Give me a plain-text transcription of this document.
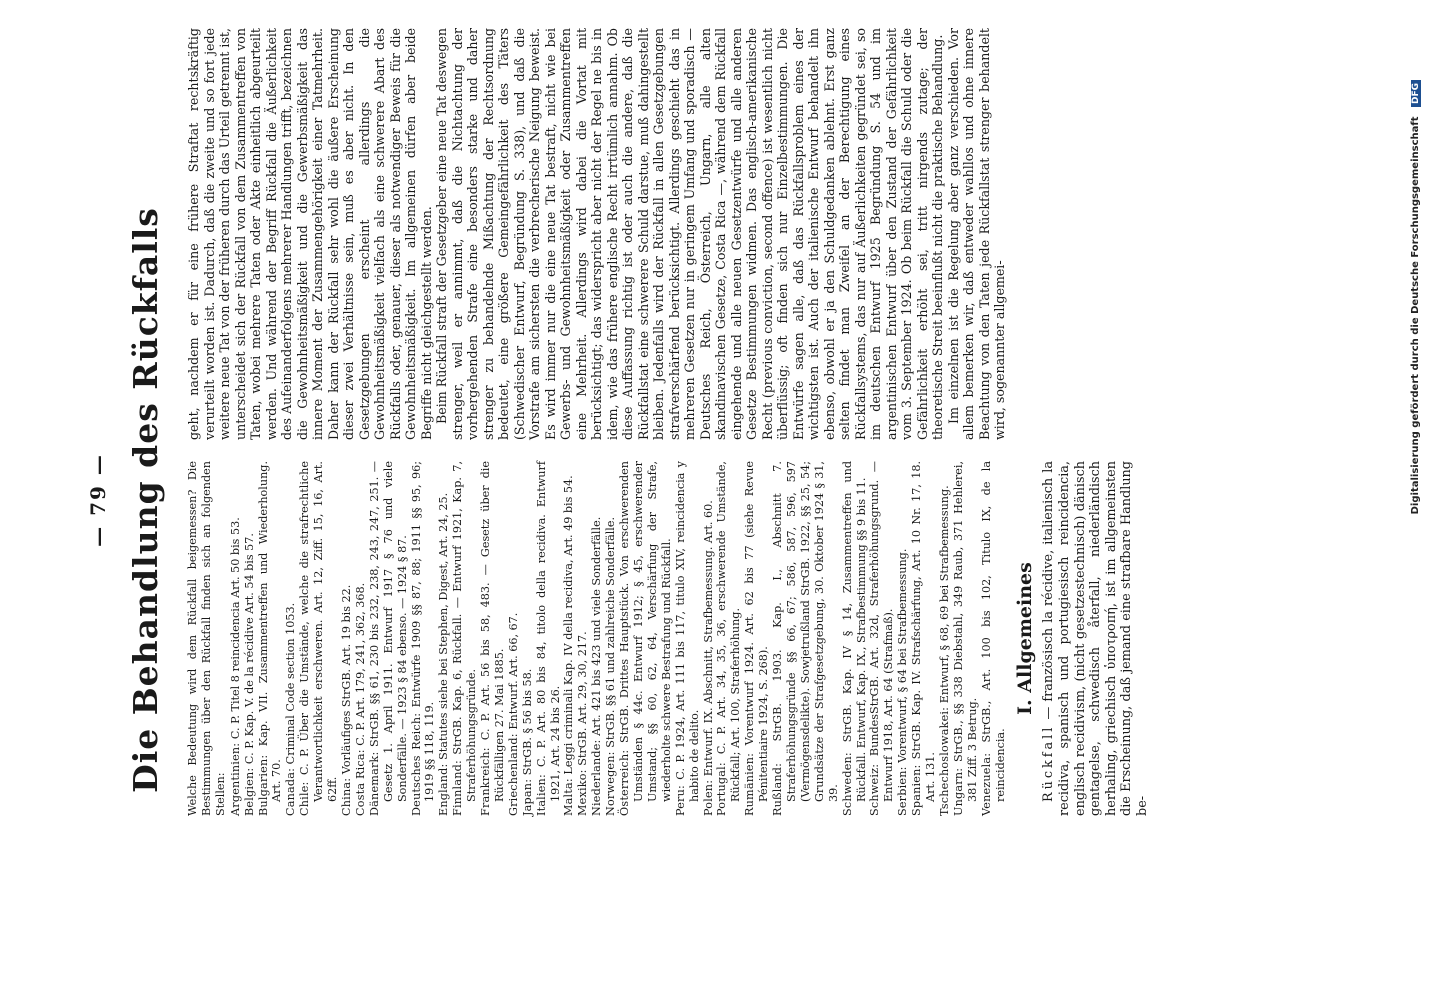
— 79 — Die Behandlung des Rückfalls Welche Bedeutung wird dem Rückfall beigemessen? Die Bestimmungen über den Rückfall finden sich an folgenden Stellen: Argentinien: C. P. Titel 8 reincidencia Art. 50 bis 53.

Belgien: C. P. Kap. V. de la récidive Art. 54 bis 57.

Bulgarien: Kap. VII. Zusammentreffen und Wiederholung. Art. 70. Canada: Criminal Code section 1053.

Chile: C. P. Über die Umstände, welche die strafrechtliche Verantwortlichkeit erschweren. Art. 12, Ziff. 15, 16, Art. 62ff. China: Vorläufiges StrGB. Art. 19 bis 22.

Costa Rica: C. P. Art. 179, 241, 362, 368.

Dänemark: StrGB. §§ 61, 230 bis 232, 238, 243, 247, 251. — Gesetz 1. April 1911. Entwurf 1917 § 76 und viele Sonderfälle. — 1923 § 84 ebenso. — 1924 § 87. Deutsches Reich: Entwürfe 1909 §§ 87, 88; 1911 §§ 95, 96; 1919 §§ 118, 119. England: Statutes siehe bei Stephen, Digest, Art. 24, 25.

Finnland: StrGB. Kap. 6, Rückfall. — Entwurf 1921, Kap. 7, Straferhöhungsgründe. Frankreich: C. P. Art. 56 bis 58, 483. — Gesetz über die Rückfälligen 27. Mai 1885. Griechenland: Entwurf. Art. 66, 67.

Japan: StrGB. § 56 bis 58.

Italien: C. P. Art. 80 bis 84, titolo della recidiva. Entwurf 1921, Art. 24 bis 26. Malta: Leggi criminali Kap. IV della recidiva, Art. 49 bis 54.

Mexiko: StrGB. Art. 29, 30, 217.

Niederlande: Art. 421 bis 423 und viele Sonderfälle.

Norwegen: StrGB. §§ 61 und zahlreiche Sonderfälle.

Österreich: StrGB. Drittes Hauptstück. Von erschwerenden Umständen § 44c. Entwurf 1912; § 45, erschwerender Umstand; §§ 60, 62, 64, Verschärfung der Strafe, wiederholte schwere Bestrafung und Rückfall. Peru: C. P. 1924, Art. 111 bis 117, titulo XIV, reincidencia y habito de delito. Polen: Entwurf. IX. Abschnitt, Strafbemessung. Art. 60.

Portugal: C. P. Art. 34, 35, 36, erschwerende Umstände, Rückfall; Art. 100, Straferhöhung. Rumänien: Vorentwurf 1924. Art. 62 bis 77 (siehe Revue Pénitentiaire 1924, S. 268). Rußland: StrGB. 1903. Kap. I., Abschnitt 7. Straferhöhungsgründe §§ 66, 67; 586, 587, 596, 597 (Vermögensdelikte). Sowjetrußland StrGB. 1922, §§ 25, 54; Grundsätze der Strafgesetzgebung, 30. Oktober 1924 § 31, 39. Schweden: StrGB. Kap. IV § 14, Zusammentreffen und Rückfall. Entwurf, Kap. IX., Strafbestimmung §§ 9 bis 11. Schweiz: BundesStrGB. Art. 32d, Straferhöhungsgrund. — Entwurf 1918, Art. 64 (Strafmaß). Serbien: Vorentwurf, § 64 bei Strafbemessung.

Spanien: StrGB. Kap. IV. Strafschärfung, Art. 10 Nr. 17, 18. Art. 131. Tschechoslowakei: Entwurf, § 68, 69 bei Strafbemessung.

Ungarn: StrGB., §§ 338 Diebstahl, 349 Raub, 371 Hehlerei, 381 Ziff. 3 Betrug. Venezuela: StrGB., Art. 100 bis 102, Titulo IX, de la reincidencia.

I. Allgemeines

Rückfall — französisch la récidive, italienisch la recidiva, spanisch und portugiesisch reincidencia, englisch recidivism, (nicht gesetzestechnisch) dänisch gentagelse, schwedisch återfall, niederländisch herhaling, griechisch ὑποτροπή, ist im allgemeinsten die Erscheinung, daß jemand eine strafbare Handlung be-

geht, nachdem er für eine frühere Straftat rechtskräftig verurteilt worden ist. Dadurch, daß die zweite und so fort jede weitere neue Tat von der früheren durch das Urteil getrennt ist, unterscheidet sich der Rückfall von dem Zusammentreffen von Taten, wobei mehrere Taten oder Akte einheitlich abgeurteilt werden. Und während der Begriff Rückfall die Äußerlichkeit des Aufeinanderfolgens mehrerer Handlungen trifft, bezeichnen die Gewohnheitsmäßigkeit und die Gewerbsmäßigkeit das innere Moment der Zusammengehörigkeit einer Tatmehrheit. Daher kann der Rückfall sehr wohl die äußere Erscheinung dieser zwei Verhältnisse sein, muß es aber nicht. In den Gesetzgebungen erscheint allerdings die Gewohnheitsmäßigkeit vielfach als eine schwerere Abart des Rückfalls oder, genauer, dieser als notwendiger Beweis für die Gewohnheitsmäßigkeit. Im allgemeinen dürfen aber beide Begriffe nicht gleichgestellt werden. Beim Rückfall straft der Gesetzgeber eine neue Tat deswegen strenger, weil er annimmt, daß die Nichtachtung der vorhergehenden Strafe eine besonders starke und daher strenger zu behandelnde Mißachtung der Rechtsordnung bedeutet, eine größere Gemeingefährlichkeit des Täters (Schwedischer Entwurf, Begründung S. 338), und daß die Vorstrafe am sichersten die verbrecherische Neigung beweist. Es wird immer nur die eine neue Tat bestraft, nicht wie bei Gewerbs- und Gewohnheitsmäßigkeit oder Zusammentreffen eine Mehrheit. Allerdings wird dabei die Vortat mit berücksichtigt; das widerspricht aber nicht der Regel ne bis in idem, wie das frühere englische Recht irrtümlich annahm. Ob diese Auffassung richtig ist oder auch die andere, daß die Rückfallstat eine schwerere Schuld darstue, muß dahingestellt bleiben. Jedenfalls wird der Rückfall in allen Gesetzgebungen strafverschärfend berücksichtigt. Allerdings geschieht das in mehreren Gesetzen nur in geringem Umfang und sporadisch — Deutsches Reich, Österreich, Ungarn, alle alten skandinavischen Gesetze, Costa Rica —, während dem Rückfall eingehende und alle neuen Gesetzentwürfe und alle anderen Gesetze Bestimmungen widmen. Das englisch-amerikanische Recht (previous conviction, second offence) ist wesentlich nicht überflüssig; oft finden sich nur Einzelbestimmungen. Die Entwürfe sagen alle, daß das Rückfallsproblem eines der wichtigsten ist. Auch der italienische Entwurf behandelt ihn ebenso, obwohl er ja den Schuldgedanken ablehnt. Erst ganz selten findet man Zweifel an der Berechtigung eines Rückfallsystems, das nur auf Äußerlichkeiten gegründet sei, so im deutschen Entwurf 1925 Begründung S. 54 und im argentinischen Entwurf über den Zustand der Gefährlichkeit vom 3. September 1924. Ob beim Rückfall die Schuld oder die Gefährlichkeit erhöht sei, tritt nirgends zutage; der theoretische Streit beeinflußt nicht die praktische Behandlung. Im einzelnen ist die Regelung aber ganz verschieden. Vor allem bemerken wir, daß entweder wahllos und ohne innere Beachtung von den Taten jede Rückfallstat strenger behandelt wird, sogenannter allgemei-	Digitalisierung gefördert durch die Deutsche Forschungsgemeinschaft DFG
